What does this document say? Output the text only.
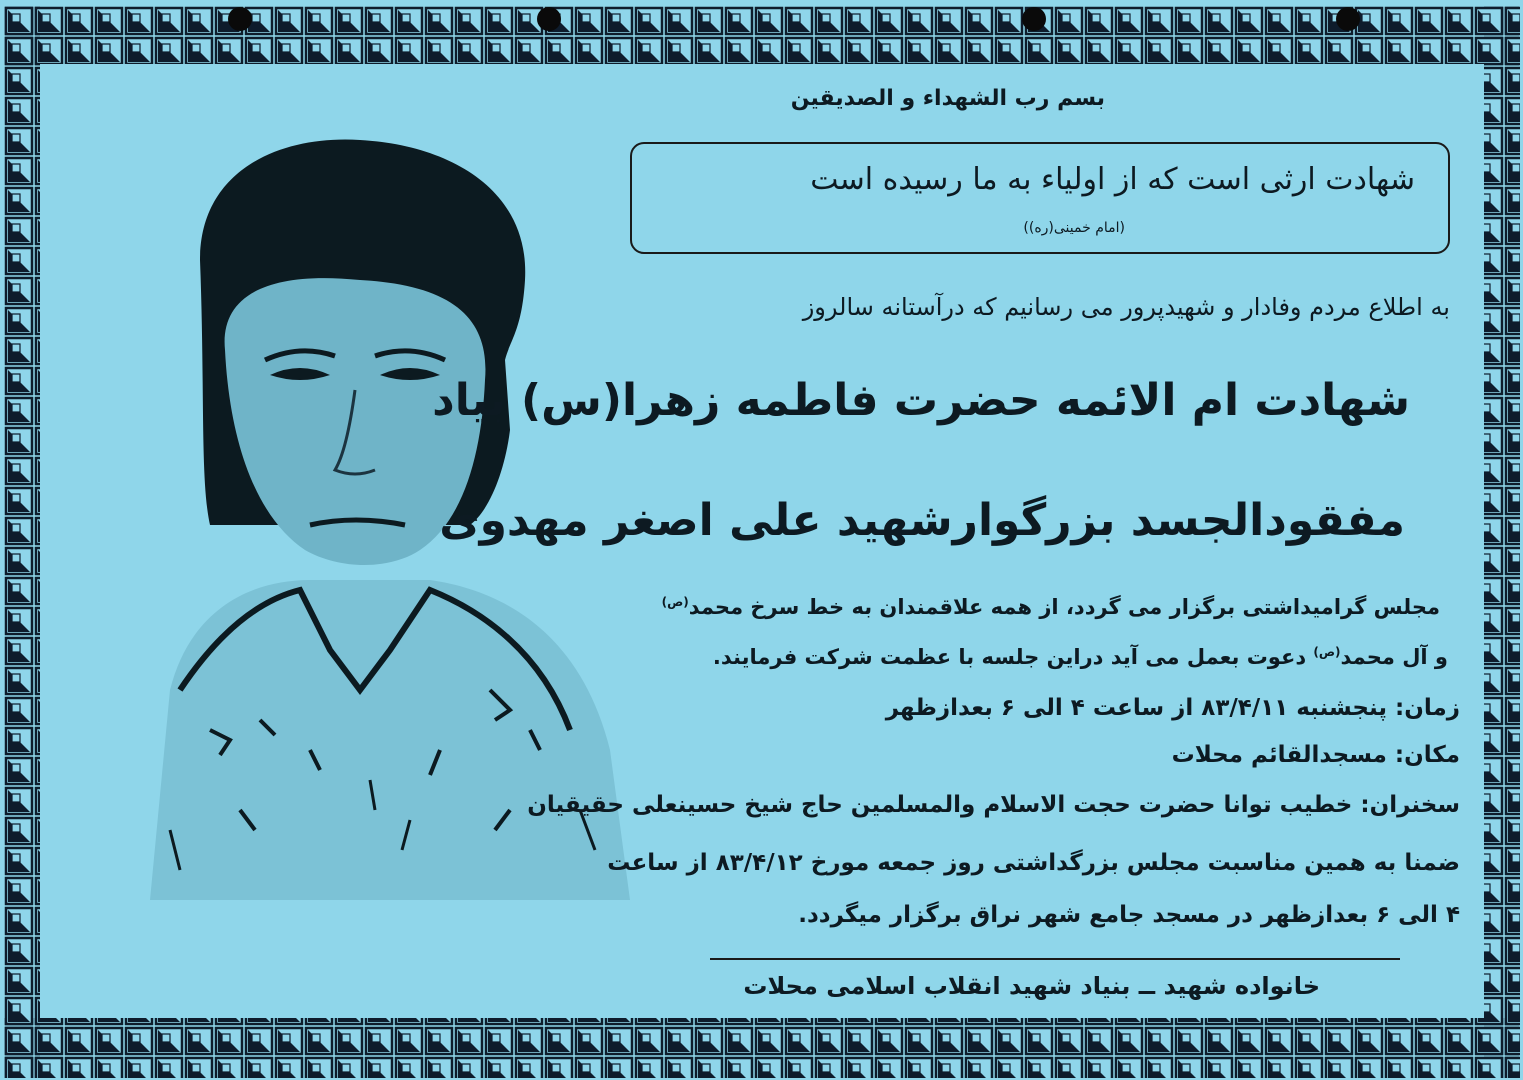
بسم رب الشهدا‌ء و الصدیقین
شهادت ارثی است که از اولیاء به ما رسیده است
(امام خمینی(ره))
به اطلاع مردم وفادار و شهیدپرور می رسانیم که درآستانه سالروز
شهادت ام الائمه حضرت فاطمه زهرا(س) بیاد
مفقودالجسد بزرگوارشهید علی اصغر مهدوی
مجلس گرامیداشتی برگزار می گردد، از همه علاقمندان به خط سرخ محمد$^{(ص)}$
و آل محمد$^{(ص)}$ دعوت بعمل می آید دراین جلسه با عظمت شرکت فرمایند.
زمان: پنجشنبه ۸۳/۴/۱۱ از ساعت ۴ الی ۶ بعدازظهر
مکان: مسجدالقائم محلات
سخنران: خطیب توانا حضرت حجت الاسلام والمسلمین حاج شیخ حسینعلی حقیقیان
ضمنا به همین مناسبت مجلس بزرگداشتی روز جمعه مورخ ۸۳/۴/۱۲ از ساعت
۴ الی ۶ بعدازظهر در مسجد جامع شهر نراق برگزار میگردد.
خانواده شهید ــ بنیاد شهید انقلاب اسلامی محلات
